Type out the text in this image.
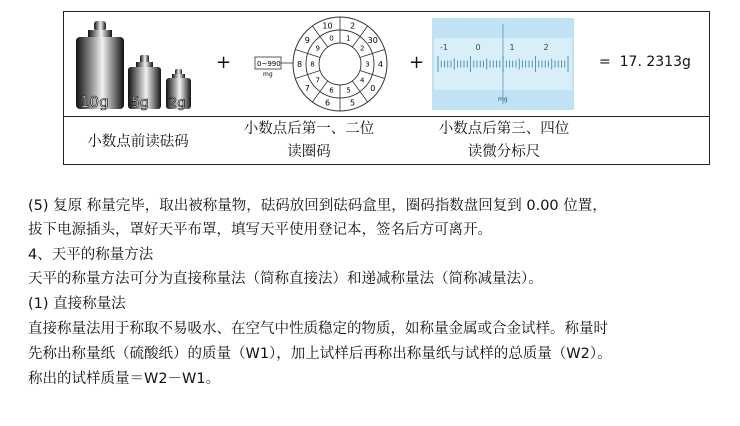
10g 5g 2g
+	0~990
mg
2
30
4
0
5
6
7
8
9
10
1
2
3
4
5
6
7
8
9
0
+
-1	0	1	2
mg
= 17. 2313g
小数点前读砝码
小数点后第一、二位
读圈码
小数点后第三、四位
读微分标尺
(5) 复原 称量完毕，取出被称量物，砝码放回到砝码盒里，圈码指数盘回复到 0.00 位置，
拔下电源插头，罩好天平布罩，填写天平使用登记本，签名后方可离开。
4、天平的称量方法
天平的称量方法可分为直接称量法（简称直接法）和递减称量法（简称减量法）。
(1) 直接称量法
直接称量法用于称取不易吸水、在空气中性质稳定的物质，如称量金属或合金试样。称量时
先称出称量纸（硫酸纸）的质量（W1），加上试样后再称出称量纸与试样的总质量（W2）。
称出的试样质量＝W2－W1。
